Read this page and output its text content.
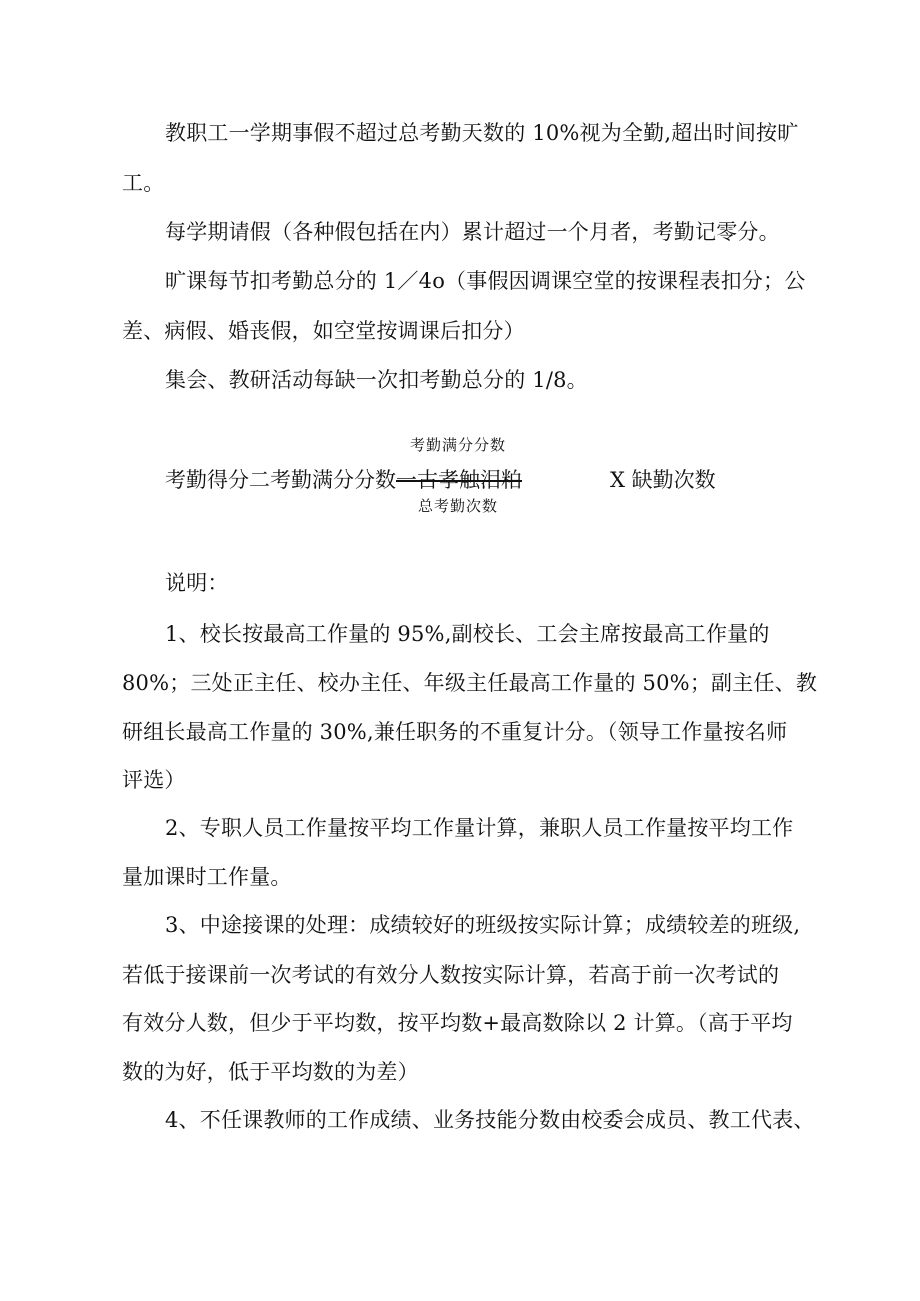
教职工一学期事假不超过总考勤天数的 10%视为全勤,超出时间按旷
工。
每学期请假（各种假包括在内）累计超过一个月者，考勤记零分。
旷课每节扣考勤总分的 1／4o（事假因调课空堂的按课程表扣分；公
差、病假、婚丧假，如空堂按调课后扣分）
集会、教研活动每缺一次扣考勤总分的 1/8。
考勤满分分数
考勤得分二考勤满分分数一古孝触泪粕	X 缺勤次数
总考勤次数
说明：
1、校长按最高工作量的 95%,副校长、工会主席按最高工作量的
80%；三处正主任、校办主任、年级主任最高工作量的 50%；副主任、教
研组长最高工作量的 30%,兼任职务的不重复计分。（领导工作量按名师
评选）
2、专职人员工作量按平均工作量计算，兼职人员工作量按平均工作
量加课时工作量。
3、中途接课的处理：成绩较好的班级按实际计算；成绩较差的班级,
若低于接课前一次考试的有效分人数按实际计算，若高于前一次考试的
有效分人数，但少于平均数，按平均数+最高数除以 2 计算。（高于平均
数的为好，低于平均数的为差）
4、不任课教师的工作成绩、业务技能分数由校委会成员、教工代表、
